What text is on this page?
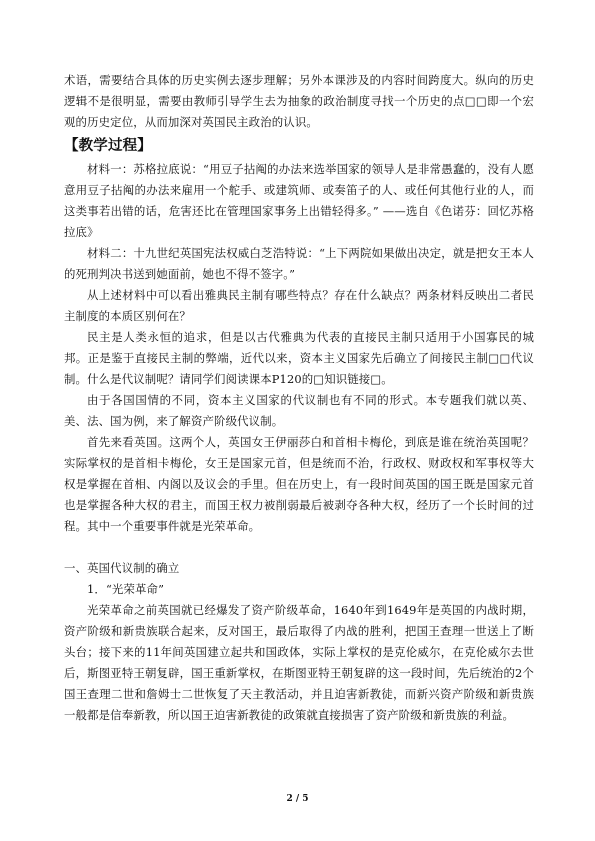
术语，需要结合具体的历史实例去逐步理解；另外本课涉及的内容时间跨度大。纵向的历史逻辑不是很明显，需要由教师引导学生去为抽象的政治制度寻找一个历史的点□□即一个宏观的历史定位，从而加深对英国民主政治的认识。

【教学过程】

材料一：苏格拉底说：“用豆子拈阄的办法来选举国家的领导人是非常愚蠢的，没有人愿意用豆子拈阄的办法来雇用一个舵手、或建筑师、或奏笛子的人、或任何其他行业的人，而这类事若出错的话，危害还比在管理国家事务上出错轻得多。” ——选自《色诺芬：回忆苏格拉底》

材料二：十九世纪英国宪法权威白芝浩特说：“上下两院如果做出决定，就是把女王本人的死刑判决书送到她面前，她也不得不签字。”

从上述材料中可以看出雅典民主制有哪些特点？存在什么缺点？两条材料反映出二者民主制度的本质区别何在？

民主是人类永恒的追求，但是以古代雅典为代表的直接民主制只适用于小国寡民的城邦。正是鉴于直接民主制的弊端，近代以来，资本主义国家先后确立了间接民主制□□代议制。什么是代议制呢？请同学们阅读课本P120的□知识链接□。

由于各国国情的不同，资本主义国家的代议制也有不同的形式。本专题我们就以英、美、法、国为例，来了解资产阶级代议制。

首先来看英国。这两个人，英国女王伊丽莎白和首相卡梅伦，到底是谁在统治英国呢？实际掌权的是首相卡梅伦，女王是国家元首，但是统而不治，行政权、财政权和军事权等大权是掌握在首相、内阁以及议会的手里。但在历史上，有一段时间英国的国王既是国家元首也是掌握各种大权的君主，而国王权力被削弱最后被剥夺各种大权，经历了一个长时间的过程。其中一个重要事件就是光荣革命。

一、英国代议制的确立

1．“光荣革命”

光荣革命之前英国就已经爆发了资产阶级革命，1640年到1649年是英国的内战时期，资产阶级和新贵族联合起来，反对国王，最后取得了内战的胜利，把国王查理一世送上了断头台；接下来的11年间英国建立起共和国政体，实际上掌权的是克伦威尔，在克伦威尔去世后，斯图亚特王朝复辟，国王重新掌权，在斯图亚特王朝复辟的这一段时间，先后统治的2个国王查理二世和詹姆士二世恢复了天主教活动，并且迫害新教徒，而新兴资产阶级和新贵族一般都是信奉新教，所以国王迫害新教徒的政策就直接损害了资产阶级和新贵族的利益。

2 / 5
